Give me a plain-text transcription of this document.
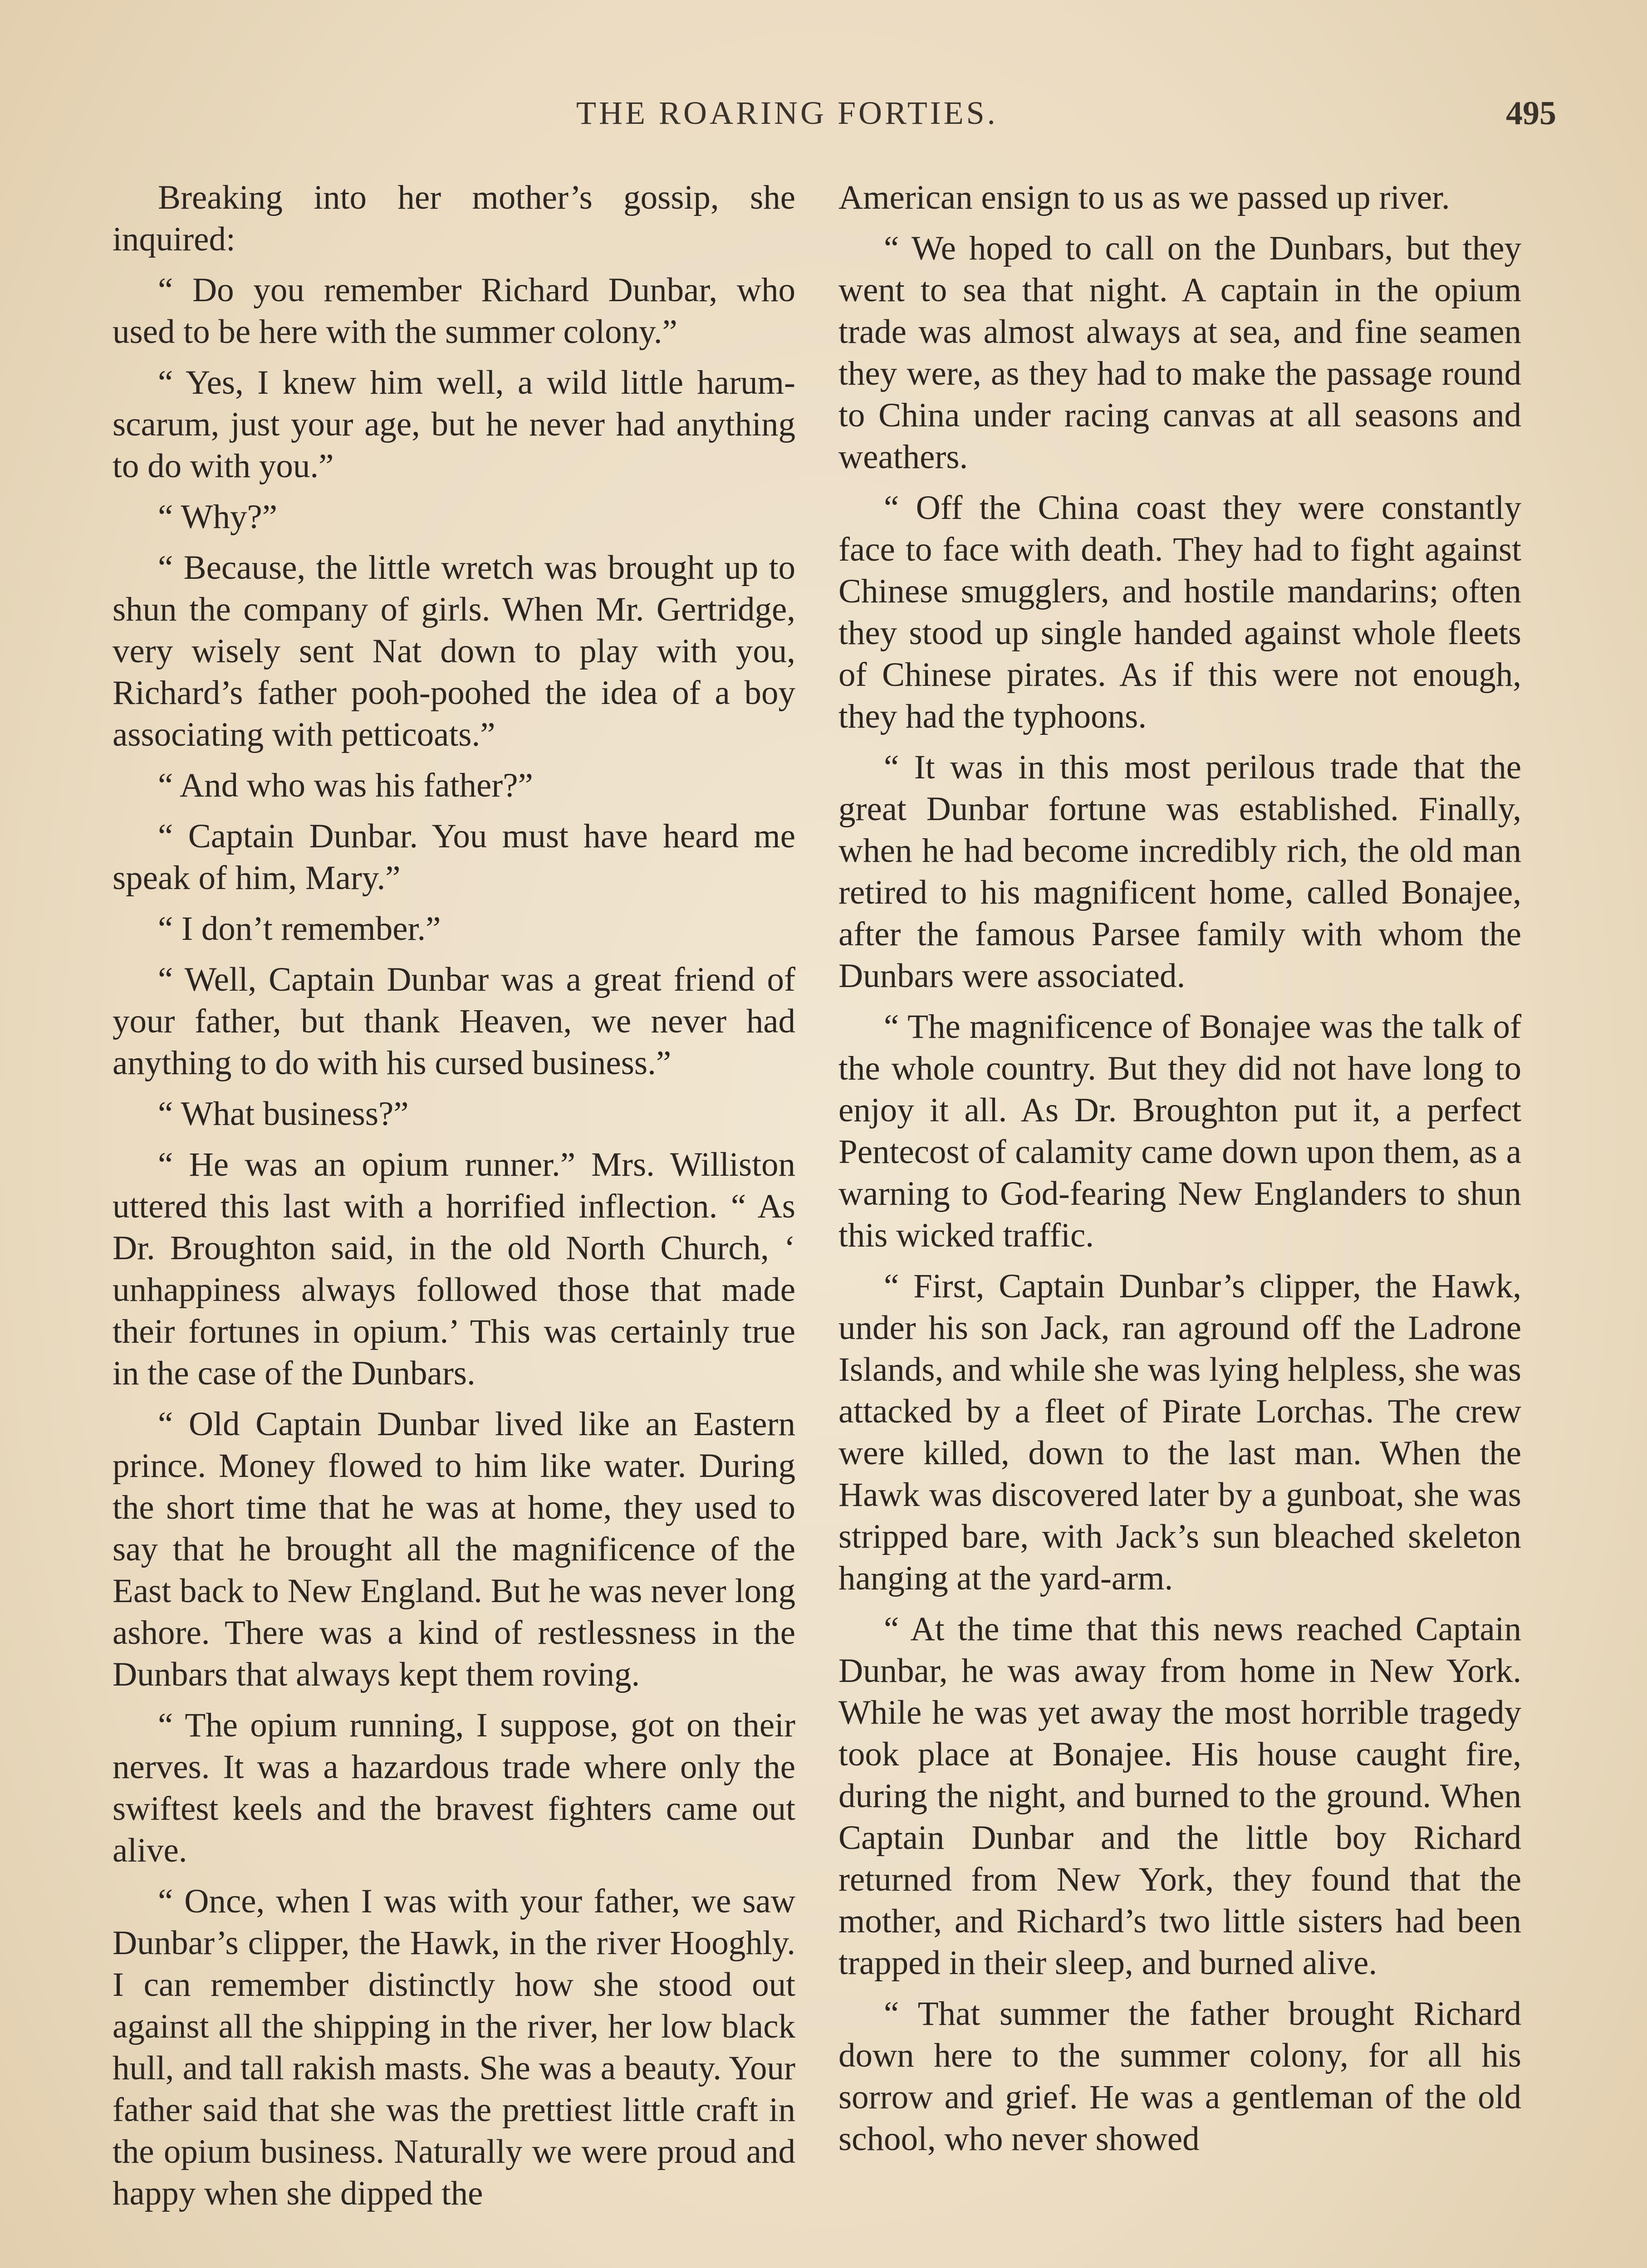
THE ROARING FORTIES.	495

Breaking into her mother’s gossip, she inquired:

“ Do you remember Richard Dunbar, who used to be here with the summer colony.”

“ Yes, I knew him well, a wild little harum-scarum, just your age, but he never had anything to do with you.”

“ Why?”

“ Because, the little wretch was brought up to shun the company of girls. When Mr. Gertridge, very wisely sent Nat down to play with you, Richard’s father pooh-poohed the idea of a boy associating with petticoats.”

“ And who was his father?”

“ Captain Dunbar. You must have heard me speak of him, Mary.”

“ I don’t remember.”

“ Well, Captain Dunbar was a great friend of your father, but thank Heaven, we never had anything to do with his cursed business.”

“ What business?”

“ He was an opium runner.” Mrs. Williston uttered this last with a horrified inflection. “ As Dr. Broughton said, in the old North Church, ‘ unhappiness always followed those that made their fortunes in opium.’ This was certainly true in the case of the Dunbars.

“ Old Captain Dunbar lived like an Eastern prince. Money flowed to him like water. During the short time that he was at home, they used to say that he brought all the magnificence of the East back to New England. But he was never long ashore. There was a kind of restlessness in the Dunbars that always kept them roving.

“ The opium running, I suppose, got on their nerves. It was a hazardous trade where only the swiftest keels and the bravest fighters came out alive.

“ Once, when I was with your father, we saw Dunbar’s clipper, the Hawk, in the river Hooghly. I can remember distinctly how she stood out against all the shipping in the river, her low black hull, and tall rakish masts. She was a beauty. Your father said that she was the prettiest little craft in the opium business. Naturally we were proud and happy when she dipped the

American ensign to us as we passed up river.

“ We hoped to call on the Dunbars, but they went to sea that night. A captain in the opium trade was almost always at sea, and fine seamen they were, as they had to make the passage round to China under racing canvas at all seasons and weathers.

“ Off the China coast they were constantly face to face with death. They had to fight against Chinese smugglers, and hostile mandarins; often they stood up single handed against whole fleets of Chinese pirates. As if this were not enough, they had the typhoons.

“ It was in this most perilous trade that the great Dunbar fortune was established. Finally, when he had become incredibly rich, the old man retired to his magnificent home, called Bonajee, after the famous Parsee family with whom the Dunbars were associated.

“ The magnificence of Bonajee was the talk of the whole country. But they did not have long to enjoy it all. As Dr. Broughton put it, a perfect Pentecost of calamity came down upon them, as a warning to God-fearing New Englanders to shun this wicked traffic.

“ First, Captain Dunbar’s clipper, the Hawk, under his son Jack, ran aground off the Ladrone Islands, and while she was lying helpless, she was attacked by a fleet of Pirate Lorchas. The crew were killed, down to the last man. When the Hawk was discovered later by a gunboat, she was stripped bare, with Jack’s sun bleached skeleton hanging at the yard-arm.

“ At the time that this news reached Captain Dunbar, he was away from home in New York. While he was yet away the most horrible tragedy took place at Bonajee. His house caught fire, during the night, and burned to the ground. When Captain Dunbar and the little boy Richard returned from New York, they found that the mother, and Richard’s two little sisters had been trapped in their sleep, and burned alive.

“ That summer the father brought Richard down here to the summer colony, for all his sorrow and grief. He was a gentleman of the old school, who never showed
